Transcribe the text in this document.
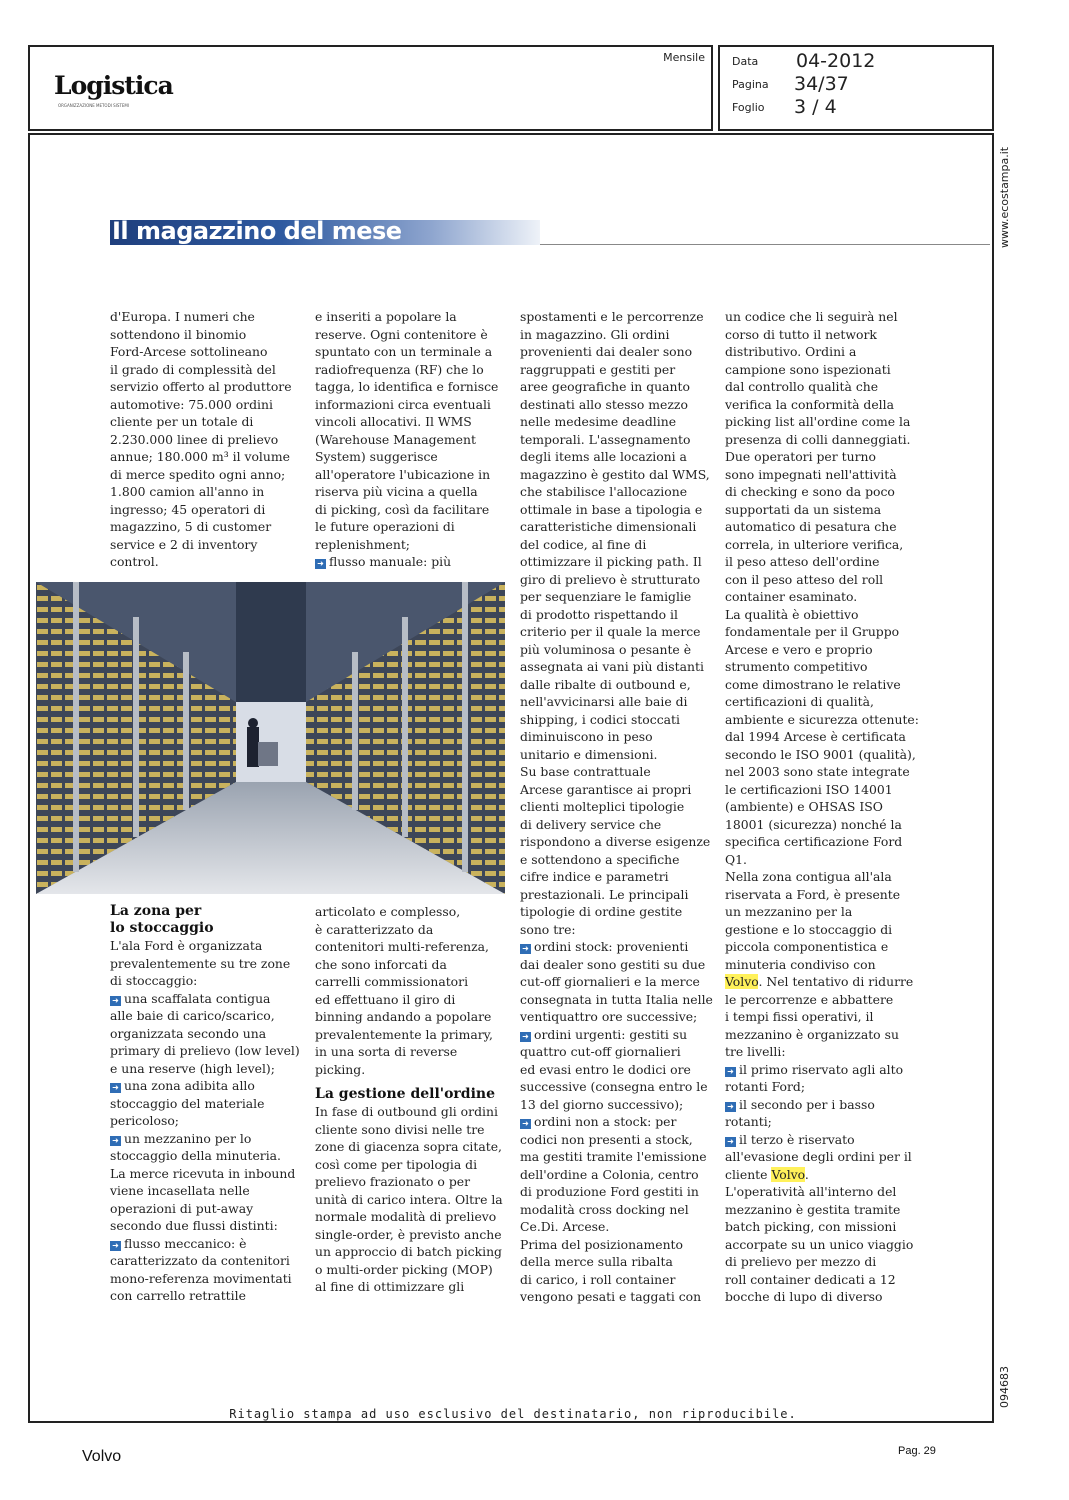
Logistica
ORGANIZZAZIONE METODI SISTEMI
Mensile Data 04-2012
Pagina 34/37
Foglio 3 / 4
www.ecostampa.it
094683
Il magazzino del mese

d'Europa. I numeri che

sottendono il binomio

Ford-Arcese sottolineano

il grado di complessità del

servizio offerto al produttore

automotive: 75.000 ordini

cliente per un totale di

2.230.000 linee di prelievo

annue; 180.000 m³ il volume

di merce spedito ogni anno;

1.800 camion all'anno in

ingresso; 45 operatori di

magazzino, 5 di customer

service e 2 di inventory

control.

La zona per lo stoccaggio

L'ala Ford è organizzata

prevalentemente su tre zone

di stoccaggio:

➜ una scaffalata contigua

alle baie di carico/scarico,

organizzata secondo una

primary di prelievo (low level)

e una reserve (high level);

➜ una zona adibita allo

stoccaggio del materiale

pericoloso;

➜ un mezzanino per lo

stoccaggio della minuteria.

La merce ricevuta in inbound

viene incasellata nelle

operazioni di put-away

secondo due flussi distinti:

➜ flusso meccanico: è

caratterizzato da contenitori

mono-referenza movimentati

con carrello retrattile

e inseriti a popolare la

reserve. Ogni contenitore è

spuntato con un terminale a

radiofrequenza (RF) che lo

tagga, lo identifica e fornisce

informazioni circa eventuali

vincoli allocativi. Il WMS

(Warehouse Management

System) suggerisce

all'operatore l'ubicazione in

riserva più vicina a quella

di picking, così da facilitare

le future operazioni di

replenishment;

➜ flusso manuale: più

articolato e complesso,

è caratterizzato da

contenitori multi-referenza,

che sono inforcati da

carrelli commissionatori

ed effettuano il giro di

binning andando a popolare

prevalentemente la primary,

in una sorta di reverse

picking.

La gestione dell'ordine

In fase di outbound gli ordini

cliente sono divisi nelle tre

zone di giacenza sopra citate,

così come per tipologia di

prelievo frazionato o per

unità di carico intera. Oltre la

normale modalità di prelievo

single-order, è previsto anche

un approccio di batch picking

o multi-order picking (MOP)

al fine di ottimizzare gli

spostamenti e le percorrenze

in magazzino. Gli ordini

provenienti dai dealer sono

raggruppati e gestiti per

aree geografiche in quanto

destinati allo stesso mezzo

nelle medesime deadline

temporali. L'assegnamento

degli items alle locazioni a

magazzino è gestito dal WMS,

che stabilisce l'allocazione

ottimale in base a tipologia e

caratteristiche dimensionali

del codice, al fine di

ottimizzare il picking path. Il

giro di prelievo è strutturato

per sequenziare le famiglie

di prodotto rispettando il

criterio per il quale la merce

più voluminosa o pesante è

assegnata ai vani più distanti

dalle ribalte di outbound e,

nell'avvicinarsi alle baie di

shipping, i codici stoccati

diminuiscono in peso

unitario e dimensioni.

Su base contrattuale

Arcese garantisce ai propri

clienti molteplici tipologie

di delivery service che

rispondono a diverse esigenze

e sottendono a specifiche

cifre indice e parametri

prestazionali. Le principali

tipologie di ordine gestite

sono tre:

➜ ordini stock: provenienti

dai dealer sono gestiti su due

cut-off giornalieri e la merce

consegnata in tutta Italia nelle

ventiquattro ore successive;

➜ ordini urgenti: gestiti su

quattro cut-off giornalieri

ed evasi entro le dodici ore

successive (consegna entro le

13 del giorno successivo);

➜ ordini non a stock: per

codici non presenti a stock,

ma gestiti tramite l'emissione

dell'ordine a Colonia, centro

di produzione Ford gestiti in

modalità cross docking nel

Ce.Di. Arcese.

Prima del posizionamento

della merce sulla ribalta

di carico, i roll container

vengono pesati e taggati con

un codice che li seguirà nel

corso di tutto il network

distributivo. Ordini a

campione sono ispezionati

dal controllo qualità che

verifica la conformità della

picking list all'ordine come la

presenza di colli danneggiati.

Due operatori per turno

sono impegnati nell'attività

di checking e sono da poco

supportati da un sistema

automatico di pesatura che

correla, in ulteriore verifica,

il peso atteso dell'ordine

con il peso atteso del roll

container esaminato.

La qualità è obiettivo

fondamentale per il Gruppo

Arcese e vero e proprio

strumento competitivo

come dimostrano le relative

certificazioni di qualità,

ambiente e sicurezza ottenute:

dal 1994 Arcese è certificata

secondo le ISO 9001 (qualità),

nel 2003 sono state integrate

le certificazioni ISO 14001

(ambiente) e OHSAS ISO

18001 (sicurezza) nonché la

specifica certificazione Ford

Q1.

Nella zona contigua all'ala

riservata a Ford, è presente

un mezzanino per la

gestione e lo stoccaggio di

piccola componentistica e

minuteria condiviso con

Volvo. Nel tentativo di ridurre

le percorrenze e abbattere

i tempi fissi operativi, il

mezzanino è organizzato su

tre livelli:

➜ il primo riservato agli alto

rotanti Ford;

➜ il secondo per i basso

rotanti;

➜ il terzo è riservato

all'evasione degli ordini per il

cliente Volvo.

L'operatività all'interno del

mezzanino è gestita tramite

batch picking, con missioni

accorpate su un unico viaggio

di prelievo per mezzo di

roll container dedicati a 12

bocche di lupo di diverso

Ritaglio stampa ad uso esclusivo del destinatario, non riproducibile.
Volvo	Pag. 29
